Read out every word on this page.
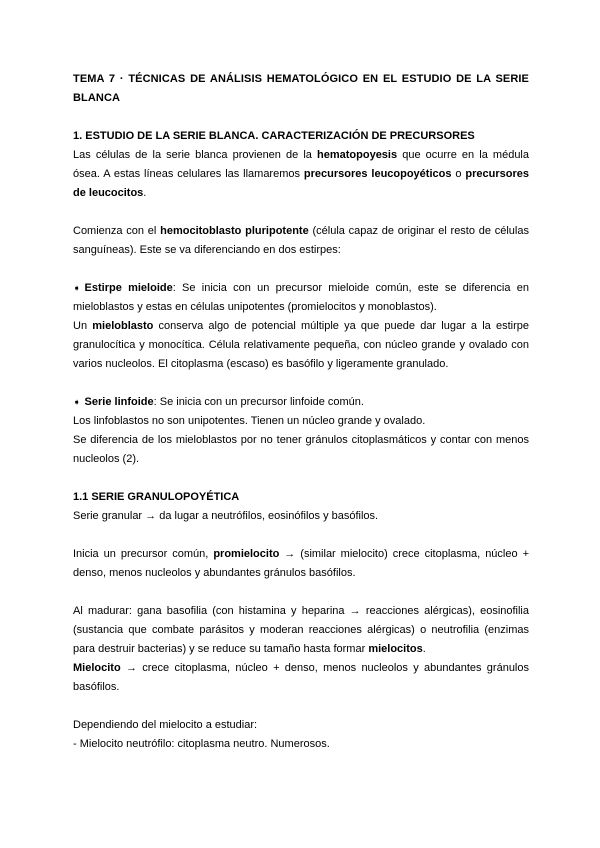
TEMA 7 · TÉCNICAS DE ANÁLISIS HEMATOLÓGICO EN EL ESTUDIO DE LA SERIE BLANCA

1. ESTUDIO DE LA SERIE BLANCA. CARACTERIZACIÓN DE PRECURSORES

Las células de la serie blanca provienen de la hematopoyesis que ocurre en la médula ósea. A estas líneas celulares las llamaremos precursores leucopoyéticos o precursores de leucocitos.

Comienza con el hemocitoblasto pluripotente (célula capaz de originar el resto de células sanguíneas). Este se va diferenciando en dos estirpes:

➧ Estirpe mieloide: Se inicia con un precursor mieloide común, este se diferencia en mieloblastos y estas en células unipotentes (promielocitos y monoblastos).

Un mieloblasto conserva algo de potencial múltiple ya que puede dar lugar a la estirpe granulocítica y monocítica. Célula relativamente pequeña, con núcleo grande y ovalado con varios nucleolos. El citoplasma (escaso) es basófilo y ligeramente granulado.

➧ Serie linfoide: Se inicia con un precursor linfoide común.

Los linfoblastos no son unipotentes. Tienen un núcleo grande y ovalado.

Se diferencia de los mieloblastos por no tener gránulos citoplasmáticos y contar con menos nucleolos (2).

1.1 SERIE GRANULOPOYÉTICA

Serie granular → da lugar a neutrófilos, eosinófilos y basófilos.

Inicia un precursor común, promielocito → (similar mielocito) crece citoplasma, núcleo + denso, menos nucleolos y abundantes gránulos basófilos.

Al madurar: gana basofilia (con histamina y heparina → reacciones alérgicas), eosinofilia (sustancia que combate parásitos y moderan reacciones alérgicas) o neutrofilia (enzimas para destruir bacterias) y se reduce su tamaño hasta formar mielocitos.

Mielocito → crece citoplasma, núcleo + denso, menos nucleolos y abundantes gránulos basófilos.

Dependiendo del mielocito a estudiar:

- Mielocito neutrófilo: citoplasma neutro. Numerosos.
